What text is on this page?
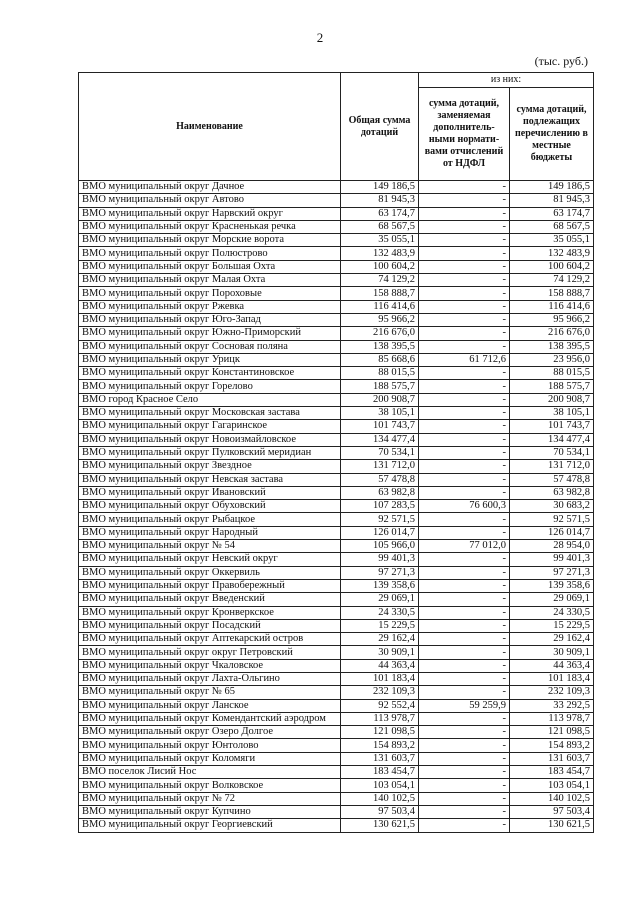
2
(тыс. руб.)
Наименование	Общая сумма дотаций	из них:	
		сумма дотаций, заменяемая дополнитель-ными нормати-вами отчислений от НДФЛ	сумма дотаций, подлежащих перечислению в местные бюджеты
ВМО муниципальный округ Дачное	149 186,5	-	149 186,5
ВМО муниципальный округ Автово	81 945,3	-	81 945,3
ВМО муниципальный округ Нарвский округ	63 174,7	-	63 174,7
ВМО муниципальный округ Красненькая речка	68 567,5	-	68 567,5
ВМО муниципальный округ Морские ворота	35 055,1	-	35 055,1
ВМО муниципальный округ Полюстрово	132 483,9	-	132 483,9
ВМО муниципальный округ Большая Охта	100 604,2	-	100 604,2
ВМО муниципальный округ Малая Охта	74 129,2	-	74 129,2
ВМО муниципальный округ Пороховые	158 888,7	-	158 888,7
ВМО муниципальный округ Ржевка	116 414,6	-	116 414,6
ВМО муниципальный округ Юго-Запад	95 966,2	-	95 966,2
ВМО муниципальный округ Южно-Приморский	216 676,0	-	216 676,0
ВМО муниципальный округ Сосновая поляна	138 395,5	-	138 395,5
ВМО муниципальный округ Урицк	85 668,6	61 712,6	23 956,0
ВМО муниципальный округ Константиновское	88 015,5	-	88 015,5
ВМО муниципальный округ Горелово	188 575,7	-	188 575,7
ВМО город Красное Село	200 908,7	-	200 908,7
ВМО муниципальный округ Московская застава	38 105,1	-	38 105,1
ВМО муниципальный округ Гагаринское	101 743,7	-	101 743,7
ВМО муниципальный округ Новоизмайловское	134 477,4	-	134 477,4
ВМО муниципальный округ Пулковский меридиан	70 534,1	-	70 534,1
ВМО муниципальный округ Звездное	131 712,0	-	131 712,0
ВМО муниципальный округ Невская застава	57 478,8	-	57 478,8
ВМО муниципальный округ Ивановский	63 982,8	-	63 982,8
ВМО муниципальный округ Обуховский	107 283,5	76 600,3	30 683,2
ВМО муниципальный округ Рыбацкое	92 571,5	-	92 571,5
ВМО муниципальный округ Народный	126 014,7	-	126 014,7
ВМО муниципальный округ № 54	105 966,0	77 012,0	28 954,0
ВМО муниципальный округ Невский округ	99 401,3	-	99 401,3
ВМО муниципальный округ Оккервиль	97 271,3	-	97 271,3
ВМО муниципальный округ Правобережный	139 358,6	-	139 358,6
ВМО муниципальный округ Введенский	29 069,1	-	29 069,1
ВМО муниципальный округ Кронверкское	24 330,5	-	24 330,5
ВМО муниципальный округ Посадский	15 229,5	-	15 229,5
ВМО муниципальный округ Аптекарский остров	29 162,4	-	29 162,4
ВМО муниципальный округ округ Петровский	30 909,1	-	30 909,1
ВМО муниципальный округ Чкаловское	44 363,4	-	44 363,4
ВМО муниципальный округ Лахта-Ольгино	101 183,4	-	101 183,4
ВМО муниципальный округ № 65	232 109,3	-	232 109,3
ВМО муниципальный округ Ланское	92 552,4	59 259,9	33 292,5
ВМО муниципальный округ Комендантский аэродром	113 978,7	-	113 978,7
ВМО муниципальный округ Озеро Долгое	121 098,5	-	121 098,5
ВМО муниципальный округ Юнтолово	154 893,2	-	154 893,2
ВМО муниципальный округ Коломяги	131 603,7	-	131 603,7
ВМО поселок Лисий Нос	183 454,7	-	183 454,7
ВМО муниципальный округ Волковское	103 054,1	-	103 054,1
ВМО муниципальный округ № 72	140 102,5	-	140 102,5
ВМО муниципальный округ Купчино	97 503,4	-	97 503,4
ВМО муниципальный округ Георгиевский	130 621,5	-	130 621,5
